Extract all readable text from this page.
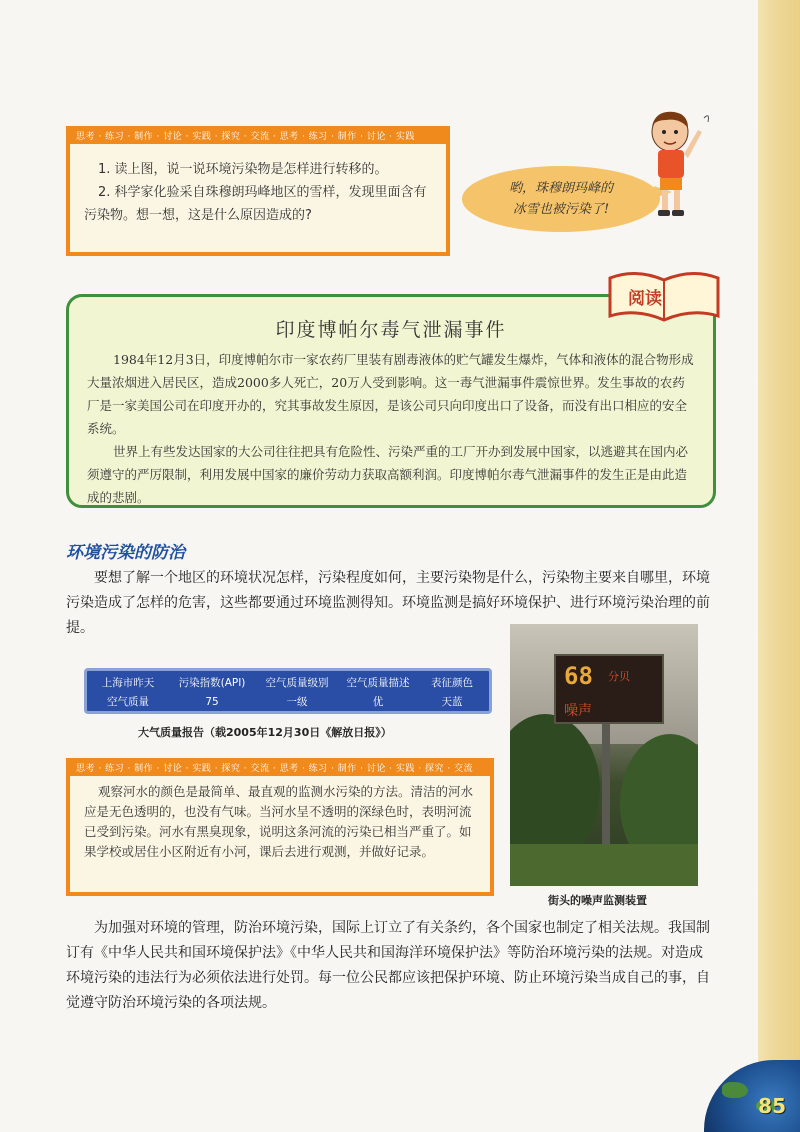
85
思考 · 练习 · 制作 · 讨论 · 实践 · 探究 · 交流 · 思考 · 练习 · 制作 · 讨论 · 实践

1. 读上图，说一说环境污染物是怎样进行转移的。

2. 科学家化验采自珠穆朗玛峰地区的雪样，发现里面含有污染物。想一想，这是什么原因造成的?

哟，珠穆朗玛峰的
冰雪也被污染了!
印度博帕尔毒气泄漏事件

1984年12月3日，印度博帕尔市一家农药厂里装有剧毒液体的贮气罐发生爆炸，气体和液体的混合物形成大量浓烟进入居民区，造成2000多人死亡，20万人受到影响。这一毒气泄漏事件震惊世界。发生事故的农药厂是一家美国公司在印度开办的，究其事故发生原因，是该公司只向印度出口了设备，而没有出口相应的安全系统。

世界上有些发达国家的大公司往往把具有危险性、污染严重的工厂开办到发展中国家，以逃避其在国内必须遵守的严厉限制，利用发展中国家的廉价劳动力获取高额利润。印度博帕尔毒气泄漏事件的发生正是由此造成的悲剧。

阅读
环境污染的防治

要想了解一个地区的环境状况怎样，污染程度如何，主要污染物是什么，污染物主要来自哪里，环境污染造成了怎样的危害，这些都要通过环境监测得知。环境监测是搞好环境保护、进行环境污染治理的前提。

上海市昨天	污染指数(API)	空气质量级别	空气质量描述	表征颜色
空气质量	75	一级	优	天蓝
大气质量报告（载2005年12月30日《解放日报》）
思考 · 练习 · 制作 · 讨论 · 实践 · 探究 · 交流 · 思考 · 练习 · 制作 · 讨论 · 实践 · 探究 · 交流

观察河水的颜色是最简单、最直观的监测水污染的方法。清洁的河水应是无色透明的，也没有气味。当河水呈不透明的深绿色时，表明河流已受到污染。河水有黑臭现象，说明这条河流的污染已相当严重了。如果学校或居住小区附近有小河，课后去进行观测，并做好记录。

68 分贝
噪声
街头的噪声监测装置

为加强对环境的管理，防治环境污染，国际上订立了有关条约，各个国家也制定了相关法规。我国制订有《中华人民共和国环境保护法》《中华人民共和国海洋环境保护法》等防治环境污染的法规。对造成环境污染的违法行为必须依法进行处罚。每一位公民都应该把保护环境、防止环境污染当成自己的事，自觉遵守防治环境污染的各项法规。
